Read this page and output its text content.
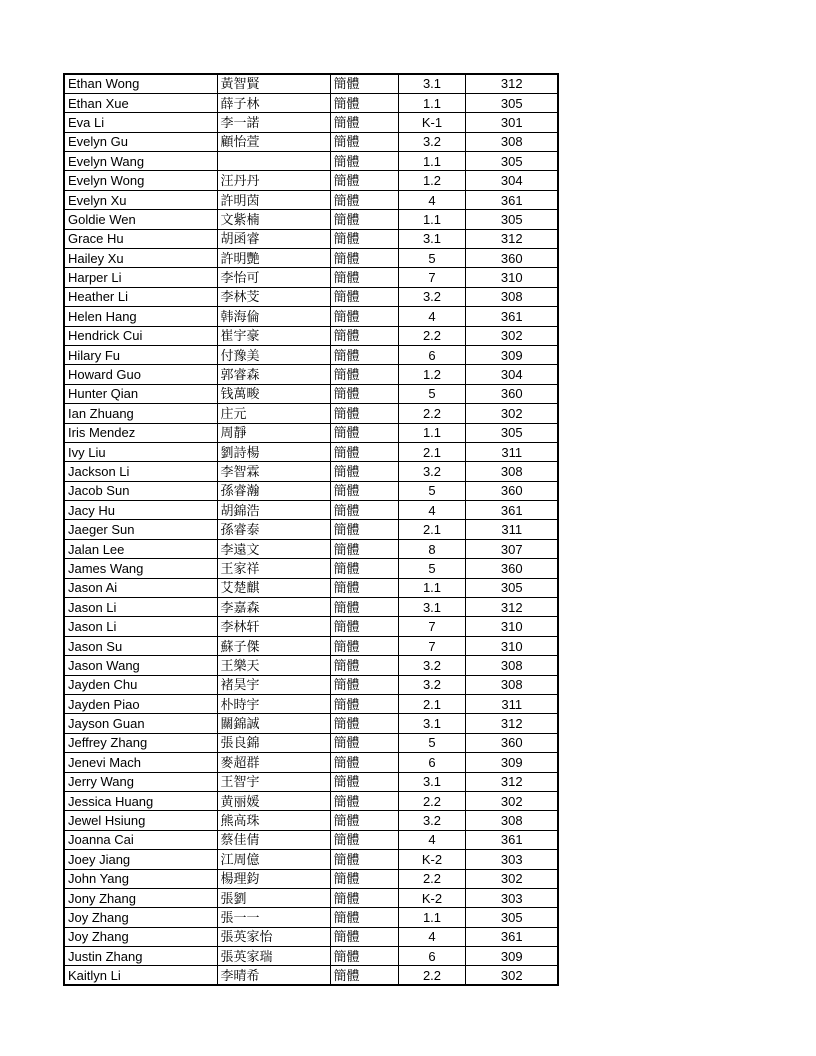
Ethan Wong	黃智賢	簡體	3.1	312
Ethan Xue	薛子林	簡體	1.1	305
Eva Li	李一諾	簡體	K-1	301
Evelyn Gu	顧怡萱	簡體	3.2	308
Evelyn Wang		簡體	1.1	305
Evelyn Wong	汪丹丹	簡體	1.2	304
Evelyn Xu	許明茵	簡體	4	361
Goldie Wen	文紫楠	簡體	1.1	305
Grace Hu	胡函睿	簡體	3.1	312
Hailey Xu	許明艷	簡體	5	360
Harper Li	李怡可	簡體	7	310
Heather Li	李林芠	簡體	3.2	308
Helen Hang	韩海倫	簡體	4	361
Hendrick Cui	崔宇豪	簡體	2.2	302
Hilary Fu	付豫美	簡體	6	309
Howard Guo	郭睿森	簡體	1.2	304
Hunter Qian	钱萬畯	簡體	5	360
Ian Zhuang	庄元	簡體	2.2	302
Iris Mendez	周靜	簡體	1.1	305
Ivy Liu	劉詩楊	簡體	2.1	311
Jackson Li	李智霖	簡體	3.2	308
Jacob Sun	孫睿瀚	簡體	5	360
Jacy Hu	胡錦浩	簡體	4	361
Jaeger Sun	孫睿泰	簡體	2.1	311
Jalan Lee	李遠文	簡體	8	307
James Wang	王家祥	簡體	5	360
Jason Ai	艾楚麒	簡體	1.1	305
Jason Li	李嘉森	簡體	3.1	312
Jason Li	李林轩	簡體	7	310
Jason Su	蘇子傑	簡體	7	310
Jason Wang	王樂天	簡體	3.2	308
Jayden Chu	褚昊宇	簡體	3.2	308
Jayden Piao	朴時宇	簡體	2.1	311
Jayson Guan	關錦誠	簡體	3.1	312
Jeffrey Zhang	張良錦	簡體	5	360
Jenevi Mach	麥超群	簡體	6	309
Jerry Wang	王智宇	簡體	3.1	312
Jessica Huang	黄丽媛	簡體	2.2	302
Jewel Hsiung	熊高珠	簡體	3.2	308
Joanna Cai	蔡佳倩	簡體	4	361
Joey Jiang	江周億	簡體	K-2	303
John Yang	楊理鈞	簡體	2.2	302
Jony Zhang	張劉	簡體	K-2	303
Joy Zhang	張一一	簡體	1.1	305
Joy Zhang	張英家怡	簡體	4	361
Justin Zhang	張英家瑞	簡體	6	309
Kaitlyn Li	李晴希	簡體	2.2	302
